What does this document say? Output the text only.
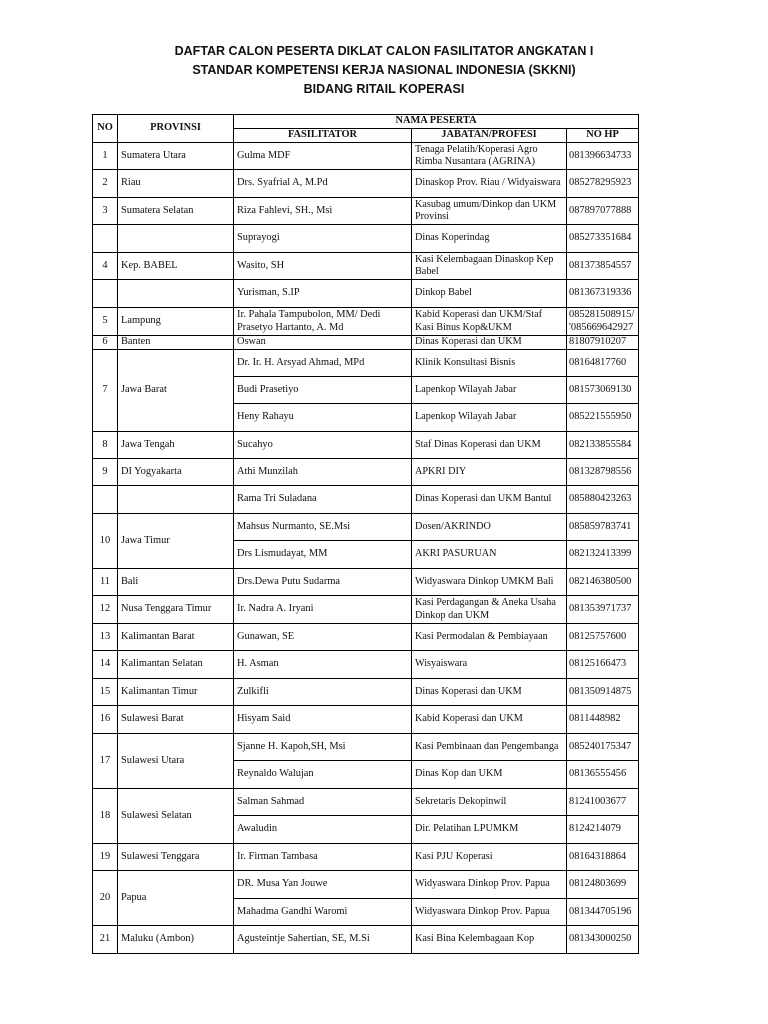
DAFTAR CALON PESERTA DIKLAT CALON FASILITATOR ANGKATAN I
STANDAR KOMPETENSI KERJA NASIONAL INDONESIA (SKKNI)
BIDANG RITAIL KOPERASI
NO	PROVINSI	NAMA PESERTA		
		FASILITATOR	JABATAN/PROFESI	NO HP
1	Sumatera Utara	Gulma MDF	Tenaga Pelatih/Koperasi Agro Rimba Nusantara (AGRINA)	081396634733
2	Riau	Drs. Syafrial A, M.Pd	Dinaskop Prov. Riau / Widyaiswara	085278295923
3	Sumatera Selatan	Riza Fahlevi, SH., Msi	Kasubag umum/Dinkop dan UKM Provinsi	087897077888
		Suprayogi	Dinas Koperindag	085273351684
4	Kep. BABEL	Wasito, SH	Kasi Kelembagaan Dinaskop Kep Babel	081373854557
		Yurisman, S.IP	Dinkop Babel	081367319336
5	Lampung	Ir. Pahala Tampubolon, MM/ Dedi Prasetyo Hartanto, A. Md	Kabid Koperasi dan UKM/Staf Kasi Binus Kop&UKM	085281508915/ '085669642927
6	Banten	Oswan	Dinas Koperasi dan UKM	81807910207
7	Jawa Barat	Dr. Ir. H. Arsyad Ahmad, MPd	Klinik Konsultasi Bisnis	08164817760
		Budi Prasetiyo	Lapenkop Wilayah Jabar	081573069130
		Heny Rahayu	Lapenkop Wilayah Jabar	085221555950
8	Jawa Tengah	Sucahyo	Staf Dinas Koperasi dan UKM	082133855584
9	DI Yogyakarta	Athi Munzilah	APKRI DIY	081328798556
		Rama Tri Suladana	Dinas Koperasi dan UKM Bantul	085880423263
10	Jawa Timur	Mahsus Nurmanto, SE.Msi	Dosen/AKRINDO	085859783741
		Drs Lismudayat, MM	AKRI PASURUAN	082132413399
11	Bali	Drs.Dewa Putu Sudarma	Widyaswara Dinkop UMKM Bali	082146380500
12	Nusa Tenggara Timur	Ir. Nadra A. Iryani	Kasi Perdagangan & Aneka Usaha Dinkop dan UKM	081353971737
13	Kalimantan Barat	Gunawan, SE	Kasi Permodalan & Pembiayaan	08125757600
14	Kalimantan Selatan	H. Asman	Wisyaiswara	08125166473
15	Kalimantan Timur	Zulkifli	Dinas Koperasi dan UKM	081350914875
16	Sulawesi Barat	Hisyam Said	Kabid Koperasi dan UKM	0811448982
17	Sulawesi Utara	Sjanne H. Kapoh,SH, Msi	Kasi Pembinaan dan Pengembanga	085240175347
		Reynaldo Walujan	Dinas Kop dan UKM	08136555456
18	Sulawesi Selatan	Salman Sahmad	Sekretaris Dekopinwil	81241003677
		Awaludin	Dir. Pelatihan LPUMKM	8124214079
19	Sulawesi Tenggara	Ir. Firman Tambasa	Kasi PJU Koperasi	08164318864
20	Papua	DR. Musa Yan Jouwe	Widyaswara Dinkop Prov. Papua	08124803699
		Mahadma Gandhi Waromi	Widyaswara Dinkop Prov. Papua	081344705196
21	Maluku (Ambon)	Agusteintje Sahertian, SE, M.Si	Kasi Bina Kelembagaan Kop	081343000250
